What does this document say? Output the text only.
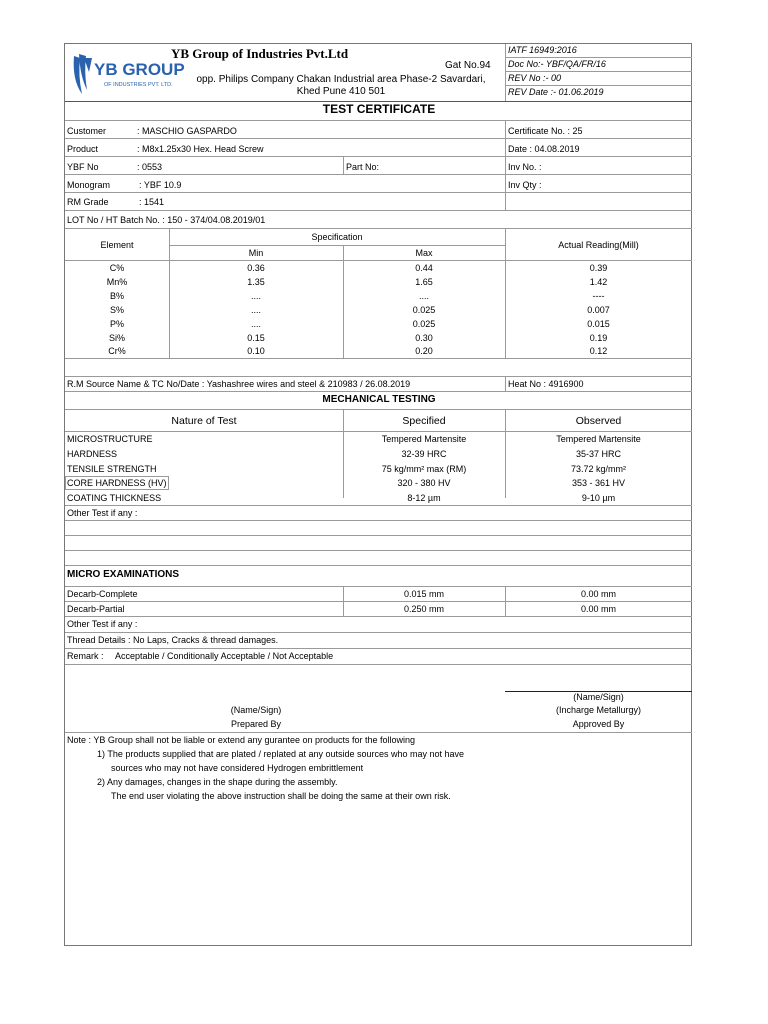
YB GROUP
OF INDUSTRIES PVT. LTD.
YB Group of Industries Pvt.Ltd
Gat No.94
opp. Philips Company Chakan Industrial area Phase-2 Savardari,
Khed Pune 410 501
IATF 16949:2016
Doc No:- YBF/QA/FR/16
REV No :- 00
REV Date :- 01.06.2019
TEST CERTIFICATE
Customer	: MASCHIO GASPARDO	Certificate No. : 25
Product	: M8x1.25x30 Hex. Head Screw	Date : 04.08.2019
YBF No	: 0553	Part No:	Inv No. :
Monogram	: YBF 10.9	Inv Qty :
RM Grade	: 1541
LOT No / HT Batch No. : 150 - 374/04.08.2019/01
Element
Specification
Min	Max
Actual Reading(Mill)
C%	0.36	0.44	0.39
Mn%	1.35	1.65	1.42
B%	....	....	----
S%	....	0.025	0.007
P%	....	0.025	0.015
Si%	0.15	0.30	0.19
Cr%	0.10	0.20	0.12
R.M Source Name & TC No/Date : Yashashree wires and steel & 210983 / 26.08.2019	Heat No : 4916900
MECHANICAL TESTING
Nature of Test	Specified	Observed
MICROSTRUCTURE	Tempered Martensite	Tempered Martensite
HARDNESS	32-39 HRC	35-37 HRC
TENSILE STRENGTH	75 kg/mm² max (RM)	73.72 kg/mm²
CORE HARDNESS (HV)	320 - 380 HV	353 - 361 HV
COATING THICKNESS	8-12 µm	9-10 µm
Other Test if any :
MICRO EXAMINATIONS
Decarb-Complete	0.015 mm	0.00 mm
Decarb-Partial	0.250 mm	0.00 mm
Other Test if any :
Thread Details : No Laps, Cracks & thread damages.
Remark : Acceptable / Conditionally Acceptable / Not Acceptable
(Name/Sign)
Prepared By
(Name/Sign)
(Incharge Metallurgy)
Approved By
Note : YB Group shall not be liable or extend any gurantee on products for the following
1) The products supplied that are plated / replated at any outside sources who may not have
sources who may not have considered Hydrogen embrittlement
2) Any damages, changes in the shape during the assembly.
The end user violating the above instruction shall be doing the same at their own risk.
